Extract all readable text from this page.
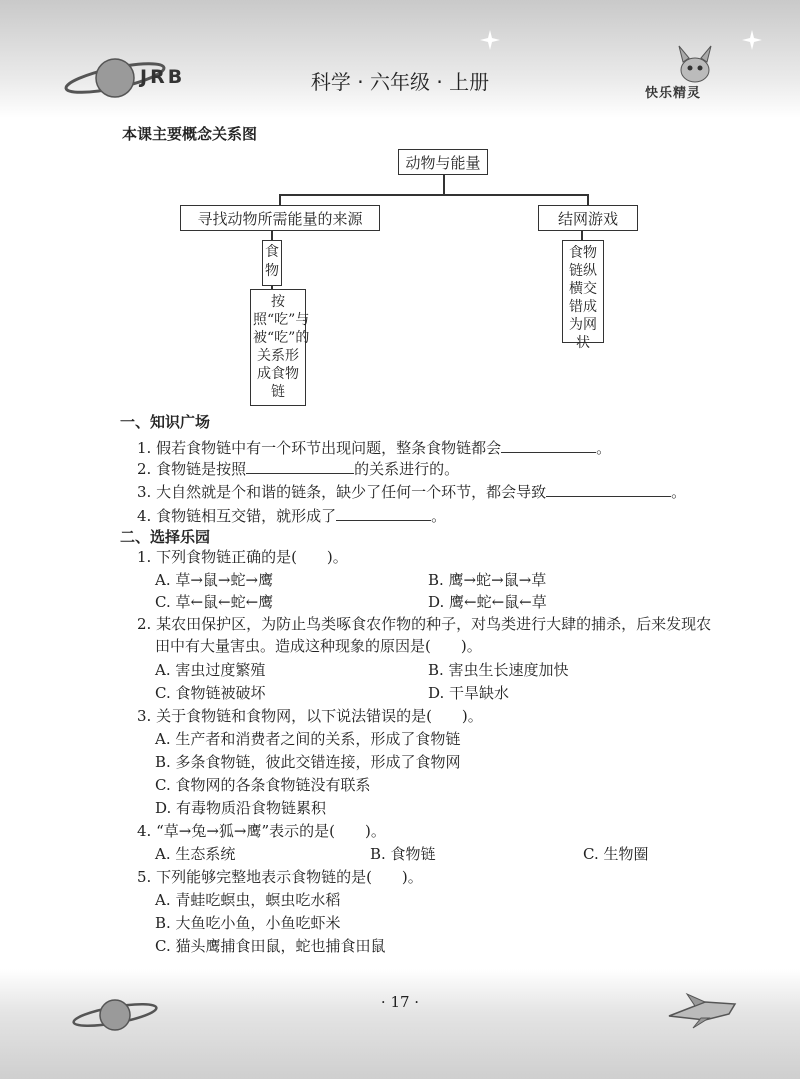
JRB	科学 · 六年级 · 上册	快乐精灵
本课主要概念关系图
动物与能量
寻找动物所需能量的来源	结网游戏
食物
按照“吃”与被“吃”的关系形成食物链
食物链纵横交错成为网状
一、知识广场
1. 假若食物链中有一个环节出现问题，整条食物链都会	。
2. 食物链是按照	的关系进行的。
3. 大自然就是个和谐的链条，缺少了任何一个环节，都会导致	。
4. 食物链相互交错，就形成了	。
二、选择乐园
1. 下列食物链正确的是(　　)。
A. 草→鼠→蛇→鹰	B. 鹰→蛇→鼠→草
C. 草←鼠←蛇←鹰	D. 鹰←蛇←鼠←草
2. 某农田保护区，为防止鸟类啄食农作物的种子，对鸟类进行大肆的捕杀，后来发现农
田中有大量害虫。造成这种现象的原因是(　　)。
A. 害虫过度繁殖	B. 害虫生长速度加快
C. 食物链被破坏	D. 干旱缺水
3. 关于食物链和食物网，以下说法错误的是(　　)。
A. 生产者和消费者之间的关系，形成了食物链
B. 多条食物链，彼此交错连接，形成了食物网
C. 食物网的各条食物链没有联系
D. 有毒物质沿食物链累积
4. “草→兔→狐→鹰”表示的是(　　)。
A. 生态系统	B. 食物链	C. 生物圈
5. 下列能够完整地表示食物链的是(　　)。
A. 青蛙吃螟虫，螟虫吃水稻
B. 大鱼吃小鱼，小鱼吃虾米
C. 猫头鹰捕食田鼠，蛇也捕食田鼠
· 17 ·
